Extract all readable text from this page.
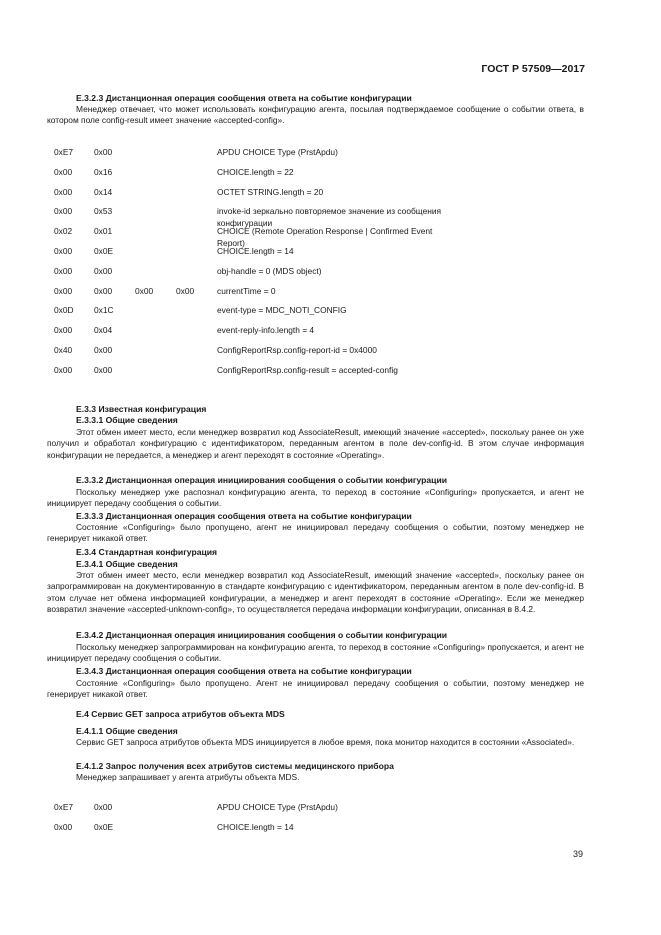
ГОСТ Р 57509—2017
Е.3.2.3 Дистанционная операция сообщения ответа на событие конфигурации
Менеджер отвечает, что может использовать конфигурацию агента, посылая подтверждаемое сообщение о событии ответа, в котором поле config-result имеет значение «accepted-config».
0xE7 0x00	APDU CHOICE Type (PrstApdu)
0x00	0x16	CHOICE.length = 22
0x00	0x14	OCTET STRING.length = 20
0x00	0x53	invoke-id зеркально повторяемое значение из сообщения конфигурации
0x02	0x01	CHOICE (Remote Operation Response | Confirmed Event Report)
0x00	0x0E	CHOICE.length = 14
0x00	0x00	obj-handle = 0 (MDS object)
0x00	0x00	0x00	0x00	currentTime = 0
0x0D 0x1C	event-type = MDC_NOTI_CONFIG
0x00	0x04	event-reply-info.length = 4
0x40	0x00	ConfigReportRsp.config-report-id = 0x4000
0x00	0x00	ConfigReportRsp.config-result = accepted-config
Е.3.3 Известная конфигурация
Е.3.3.1 Общие сведения
Этот обмен имеет место, если менеджер возвратил код AssociateResult, имеющий значение «accepted», поскольку ранее он уже получил и обработал конфигурацию с идентификатором, переданным агентом в поле dev-config-id. В этом случае информация конфигурации не передается, а менеджер и агент переходят в состояние «Operating».
Е.3.3.2 Дистанционная операция инициирования сообщения о событии конфигурации
Поскольку менеджер уже распознал конфигурацию агента, то переход в состояние «Configuring» пропускается, и агент не инициирует передачу сообщения о событии.
Е.3.3.3 Дистанционная операция сообщения ответа на событие конфигурации
Состояние «Configuring» было пропущено, агент не инициировал передачу сообщения о событии, поэтому менеджер не генерирует никакой ответ.
Е.3.4 Стандартная конфигурация
Е.3.4.1 Общие сведения
Этот обмен имеет место, если менеджер возвратил код AssociateResult, имеющий значение «accepted», поскольку ранее он запрограммирован на документированную в стандарте конфигурацию с идентификатором, переданным агентом в поле dev-config-id. В этом случае нет обмена информацией конфигурации, а менеджер и агент переходят в состояние «Operating». Если же менеджер возвратил значение «accepted-unknown-config», то осуществляется передача информации конфигурации, описанная в 8.4.2.
Е.3.4.2 Дистанционная операция инициирования сообщения о событии конфигурации
Поскольку менеджер запрограммирован на конфигурацию агента, то переход в состояние «Configuring» пропускается, и агент не инициирует передачу сообщения о событии.
Е.3.4.3 Дистанционная операция сообщения ответа на событие конфигурации
Состояние «Configuring» было пропущено. Агент не инициировал передачу сообщения о событии, поэтому менеджер не генерирует никакой ответ.
Е.4 Сервис GET запроса атрибутов объекта MDS
Е.4.1.1 Общие сведения
Сервис GET запроса атрибутов объекта MDS инициируется в любое время, пока монитор находится в состоянии «Associated».
Е.4.1.2 Запрос получения всех атрибутов системы медицинского прибора
Менеджер запрашивает у агента атрибуты объекта MDS.
0xE7 0x00	APDU CHOICE Type (PrstApdu)
0x00	0x0E	CHOICE.length = 14
39
